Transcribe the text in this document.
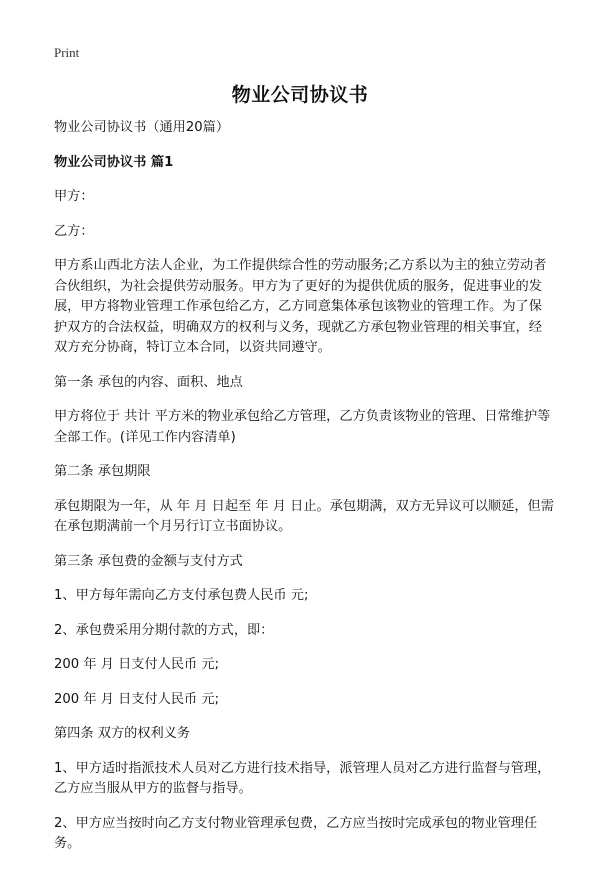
Print
物业公司协议书

物业公司协议书（通用20篇）

物业公司协议书 篇1

甲方：

乙方：

甲方系山西北方法人企业，为工作提供综合性的劳动服务;乙方系以为主的独立劳动者合伙组织，为社会提供劳动服务。甲方为了更好的为提供优质的服务，促进事业的发展，甲方将物业管理工作承包给乙方，乙方同意集体承包该物业的管理工作。为了保护双方的合法权益，明确双方的权利与义务，现就乙方承包物业管理的相关事宜，经双方充分协商，特订立本合同，以资共同遵守。

第一条 承包的内容、面积、地点

甲方将位于 共计 平方米的物业承包给乙方管理，乙方负责该物业的管理、日常维护等全部工作。(详见工作内容清单)

第二条 承包期限

承包期限为一年，从 年 月 日起至 年 月 日止。承包期满，双方无异议可以顺延，但需在承包期满前一个月另行订立书面协议。

第三条 承包费的金额与支付方式

1、甲方每年需向乙方支付承包费人民币 元;

2、承包费采用分期付款的方式，即：

200 年 月 日支付人民币 元;

200 年 月 日支付人民币 元;

第四条 双方的权利义务

1、甲方适时指派技术人员对乙方进行技术指导，派管理人员对乙方进行监督与管理，乙方应当服从甲方的监督与指导。

2、甲方应当按时向乙方支付物业管理承包费，乙方应当按时完成承包的物业管理任务。
